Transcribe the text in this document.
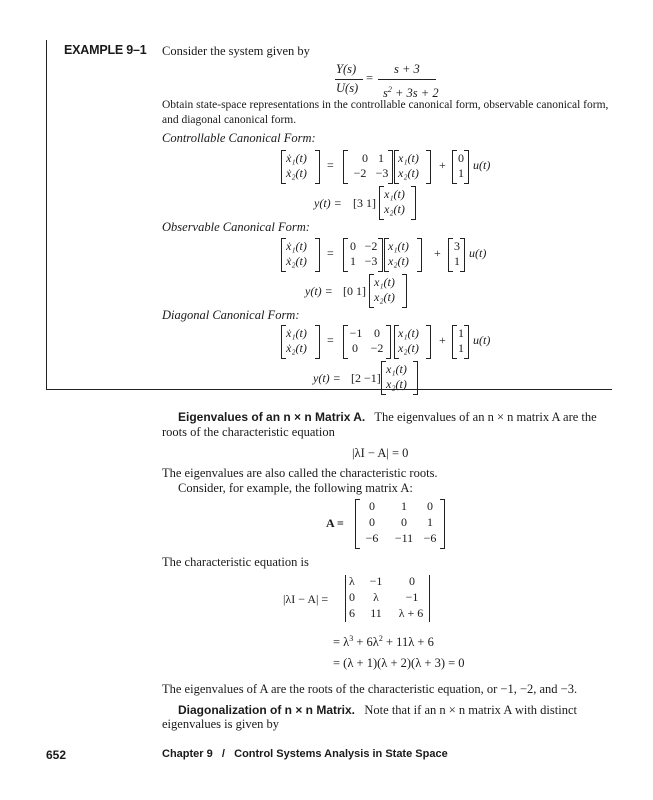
EXAMPLE 9–1 Consider the system given by
Y(s)
U(s)
=
s + 3
$s^2 + 3s + 2$
Obtain state-space representations in the controllable canonical form, observable canonical form,
and diagonal canonical form.
Controllable Canonical Form:
ẋ₁(t)
ẋ₂(t)
= 0 1
−2 −3
x₁(t)
x₂(t)
+ 0
1
u(t)
y(t) = [3 1]
x₁(t)
x₂(t)
Observable Canonical Form:
ẋ₁(t)
ẋ₂(t)
= 0 −2
1 −3
x₁(t)
x₂(t)
+ 3
1
u(t)
y(t) = [0 1]
x₁(t)
x₂(t)
Diagonal Canonical Form:
ẋ₁(t)
ẋ₂(t)
= −1 0
0 −2
x₁(t)
x₂(t)
+ 1
1
u(t)
y(t) = [2 −1]
x₁(t)
x₂(t)
Eigenvalues of an n × n Matrix A. The eigenvalues of an n × n matrix A are the
roots of the characteristic equation
|λI − A| = 0
The eigenvalues are also called the characteristic roots.
Consider, for example, the following matrix A:
A =
0	1	0
0	0	1
−6	−11 −6
The characteristic equation is
|λI − A| =
λ	−1	0
0	λ	−1
6	11	λ + 6
= $\lambda^3 + 6\lambda^2 + 11\lambda + 6$
= (λ + 1)(λ + 2)(λ + 3) = 0
The eigenvalues of A are the roots of the characteristic equation, or −1, −2, and −3.
Diagonalization of n × n Matrix. Note that if an n × n matrix A with distinct
eigenvalues is given by
652	Chapter 9   /   Control Systems Analysis in State Space
